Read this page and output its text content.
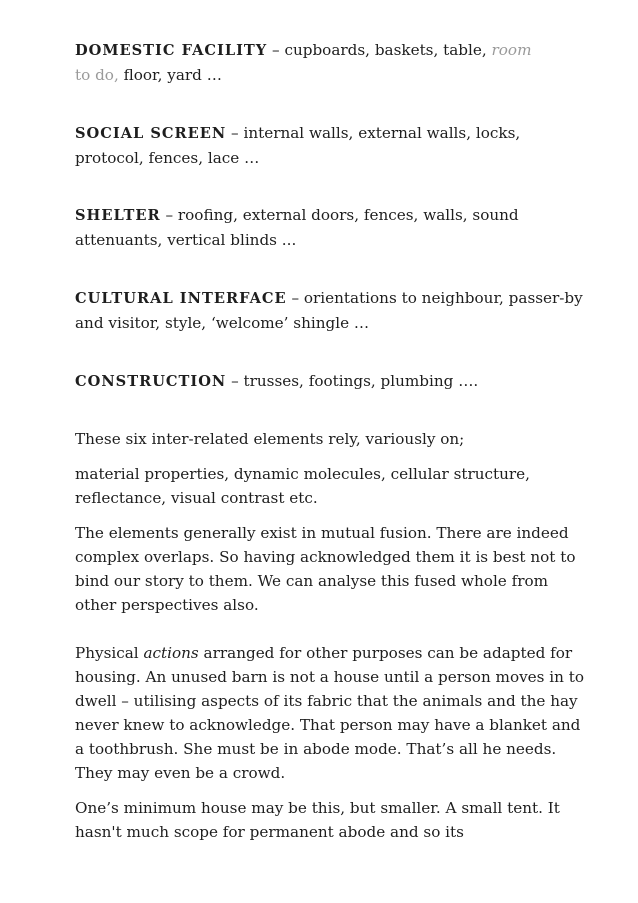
DOMESTIC FACILITY – cupboards, baskets, table, room
to do, floor, yard …
SOCIAL SCREEN – internal walls, external walls, locks, protocol, fences, lace …
SHELTER – roofing, external doors, fences, walls, sound attenuants, vertical blinds ...
CULTURAL INTERFACE – orientations to neighbour, passer-by and visitor, style, ‘welcome’ shingle …
CONSTRUCTION – trusses, footings, plumbing ….

These six inter-related elements rely, variously on;

material properties, dynamic molecules, cellular structure, reflectance, visual contrast etc.

The elements generally exist in mutual fusion. There are indeed complex overlaps. So having acknowledged them it is best not to bind our story to them. We can analyse this fused whole from other perspectives also.

Physical actions arranged for other purposes can be adapted for housing. An unused barn is not a house until a person moves in to dwell – utilising aspects of its fabric that the animals and the hay never knew to acknowledge. That person may have a blanket and a toothbrush. She must be in abode mode. That’s all he needs. They may even be a crowd.

One’s minimum house may be this, but smaller. A small tent. It hasn't much scope for permanent abode and so its
